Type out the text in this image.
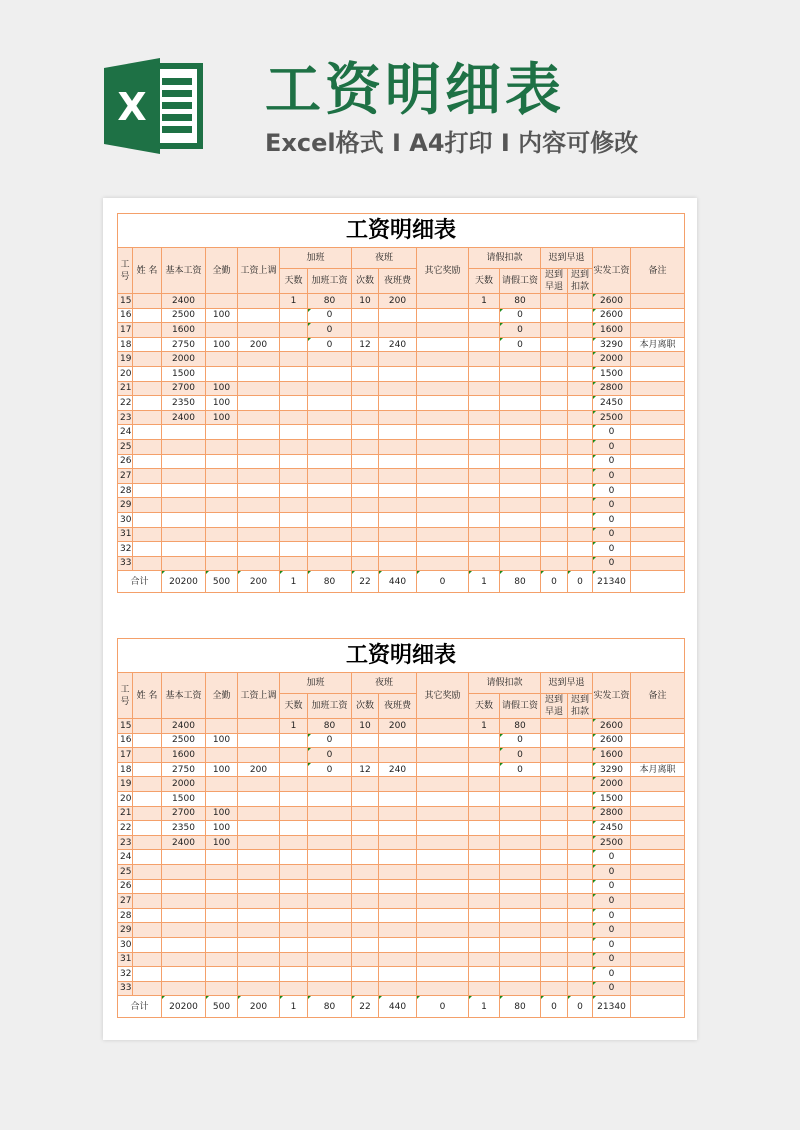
X 工资明细表
Excel格式 Ⅰ A4打印 Ⅰ 内容可修改
工资明细表															
工号	姓 名	基本工资	全勤	工资上调	加班		夜班		其它奖励	请假扣款		迟到早退		实发工资	备注
					天数	加班工资	次数	夜班费		天数	请假工资	迟到早退	迟到扣款		
15		2400			1	80	10	200		1	80			2600	
16		2500	100			0					0			2600	
17		1600				0					0			1600	
18		2750	100	200		0	12	240			0			3290	本月离职
19		2000												2000	
20		1500												1500	
21		2700	100											2800	
22		2350	100											2450	
23		2400	100											2500	
24														0	
25														0	
26														0	
27														0	
28														0	
29														0	
30														0	
31														0	
32														0	
33														0	
合计		20200	500	200	1	80	22	440	0	1	80	0	0	21340	
工资明细表															
工号	姓 名	基本工资	全勤	工资上调	加班		夜班		其它奖励	请假扣款		迟到早退		实发工资	备注
					天数	加班工资	次数	夜班费		天数	请假工资	迟到早退	迟到扣款		
15		2400			1	80	10	200		1	80			2600	
16		2500	100			0					0			2600	
17		1600				0					0			1600	
18		2750	100	200		0	12	240			0			3290	本月离职
19		2000												2000	
20		1500												1500	
21		2700	100											2800	
22		2350	100											2450	
23		2400	100											2500	
24														0	
25														0	
26														0	
27														0	
28														0	
29														0	
30														0	
31														0	
32														0	
33														0	
合计		20200	500	200	1	80	22	440	0	1	80	0	0	21340	
